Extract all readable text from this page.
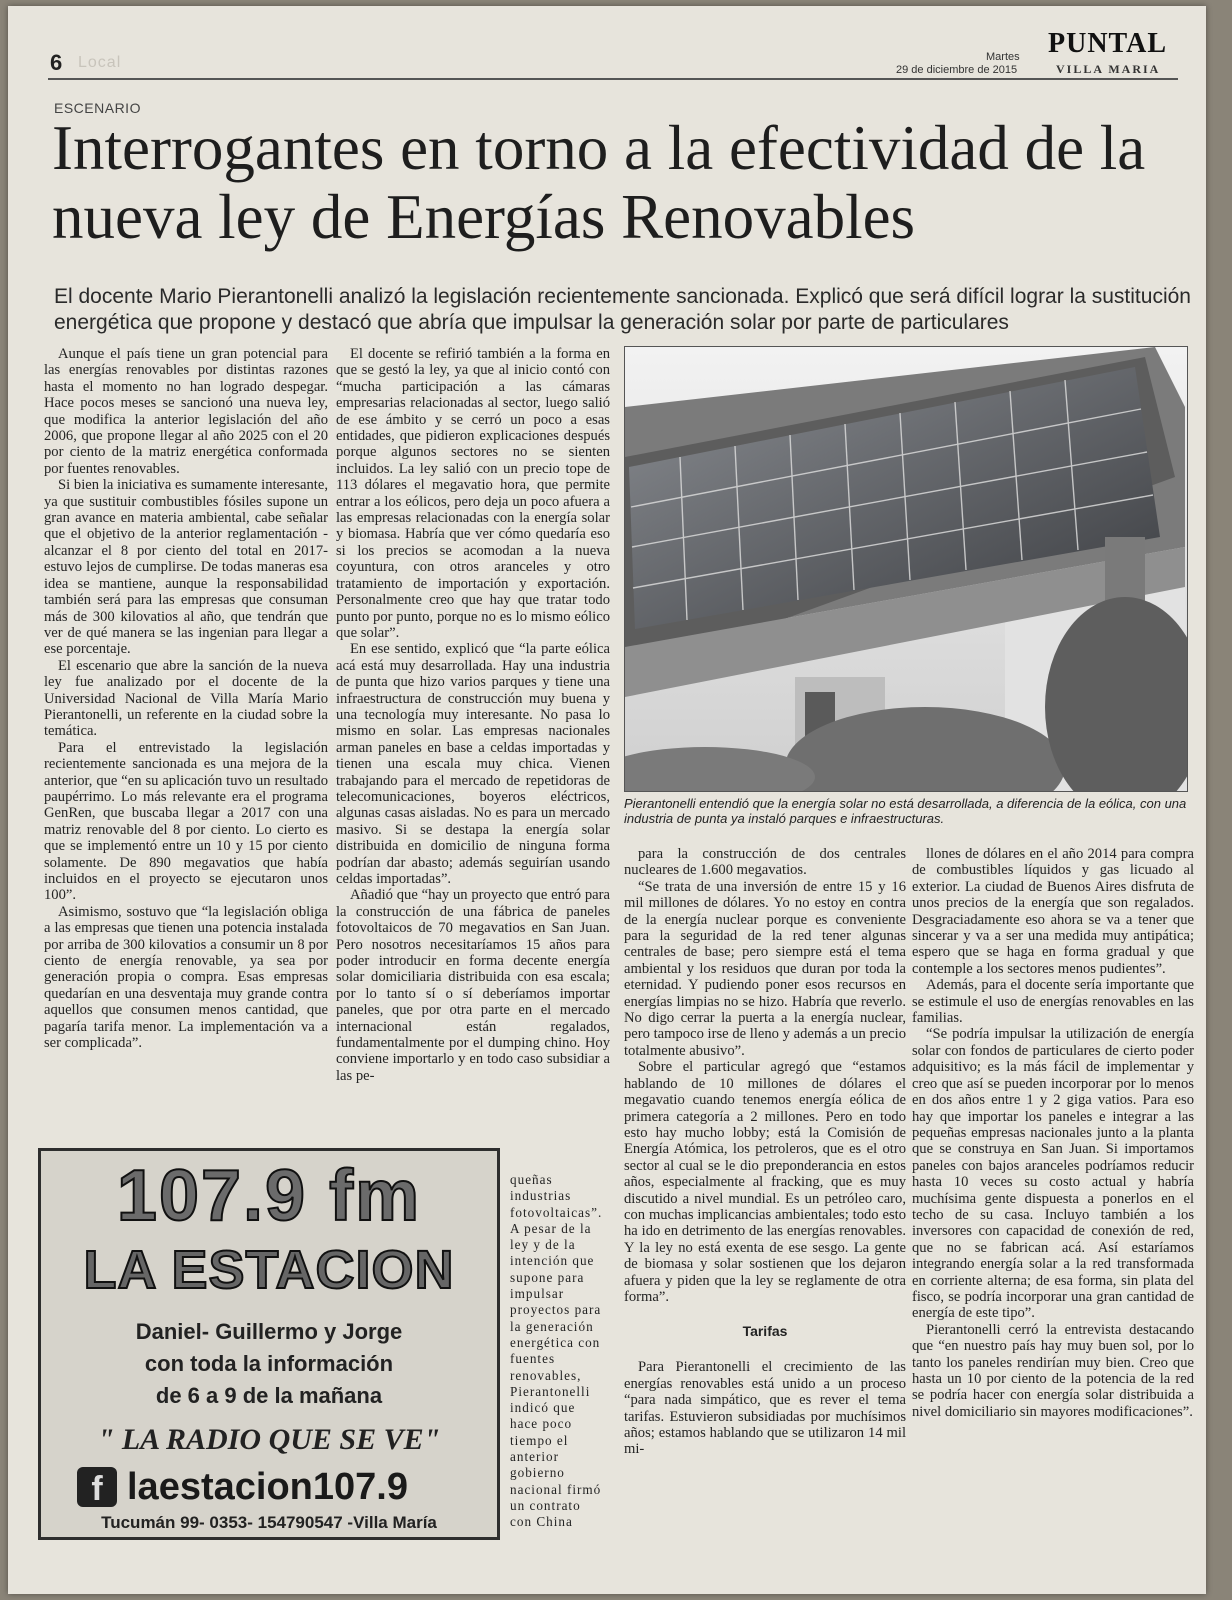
6 Local	Martes
29 de diciembre de 2015
PUNTAL
VILLA MARIA
ESCENARIO
Interrogantes en torno a la efectividad de la nueva ley de Energías Renovables

El docente Mario Pierantonelli analizó la legislación recientemente sancionada. Explicó que será difícil lograr la sustitución energética que propone y destacó que abría que impulsar la generación solar por parte de particulares

Aunque el país tiene un gran potencial para las energías renovables por distintas razones hasta el momento no han logrado despegar. Hace pocos meses se sancionó una nueva ley, que modifica la anterior legislación del año 2006, que propone llegar al año 2025 con el 20 por ciento de la matriz energética conformada por fuentes renovables.

Si bien la iniciativa es sumamente interesante, ya que sustituir combustibles fósiles supone un gran avance en materia ambiental, cabe señalar que el objetivo de la anterior reglamentación -alcanzar el 8 por ciento del total en 2017- estuvo lejos de cumplirse. De todas maneras esa idea se mantiene, aunque la responsabilidad también será para las empresas que consuman más de 300 kilovatios al año, que tendrán que ver de qué manera se las ingenian para llegar a ese porcentaje.

El escenario que abre la sanción de la nueva ley fue analizado por el docente de la Universidad Nacional de Villa María Mario Pierantonelli, un referente en la ciudad sobre la temática.

Para el entrevistado la legislación recientemente sancionada es una mejora de la anterior, que “en su aplicación tuvo un resultado paupérrimo. Lo más relevante era el programa GenRen, que buscaba llegar a 2017 con una matriz renovable del 8 por ciento. Lo cierto es que se implementó entre un 10 y 15 por ciento solamente. De 890 megavatios que había incluidos en el proyecto se ejecutaron unos 100”.

Asimismo, sostuvo que “la legislación obliga a las empresas que tienen una potencia instalada por arriba de 300 kilovatios a consumir un 8 por ciento de energía renovable, ya sea por generación propia o compra. Esas empresas quedarían en una desventaja muy grande contra aquellos que consumen menos cantidad, que pagaría tarifa menor. La implementación va a ser complicada”.

El docente se refirió también a la forma en que se gestó la ley, ya que al inicio contó con “mucha participación a las cámaras empresarias relacionadas al sector, luego salió de ese ámbito y se cerró un poco a esas entidades, que pidieron explicaciones después porque algunos sectores no se sienten incluidos. La ley salió con un precio tope de 113 dólares el megavatio hora, que permite entrar a los eólicos, pero deja un poco afuera a las empresas relacionadas con la energía solar y biomasa. Habría que ver cómo quedaría eso si los precios se acomodan a la nueva coyuntura, con otros aranceles y otro tratamiento de importación y exportación. Personalmente creo que hay que tratar todo punto por punto, porque no es lo mismo eólico que solar”.

En ese sentido, explicó que “la parte eólica acá está muy desarrollada. Hay una industria de punta que hizo varios parques y tiene una infraestructura de construcción muy buena y una tecnología muy interesante. No pasa lo mismo en solar. Las empresas nacionales arman paneles en base a celdas importadas y tienen una escala muy chica. Vienen trabajando para el mercado de repetidoras de telecomunicaciones, boyeros eléctricos, algunas casas aisladas. No es para un mercado masivo. Si se destapa la energía solar distribuida en domicilio de ninguna forma podrían dar abasto; además seguirían usando celdas importadas”.

Añadió que “hay un proyecto que entró para la construcción de una fábrica de paneles fotovoltaicos de 70 megavatios en San Juan. Pero nosotros necesitaríamos 15 años para poder introducir en forma decente energía solar domiciliaria distribuida con esa escala; por lo tanto sí o sí deberíamos importar paneles, que por otra parte en el mercado internacional están regalados, fundamentalmente por el dumping chino. Hoy conviene importarlo y en todo caso subsidiar a las pe-

queñas industrias fotovoltaicas”. A pesar de la ley y de la intención que supone para impulsar proyectos para la generación energética con fuentes renovables, Pierantonelli indicó que hace poco tiempo el anterior gobierno nacional firmó un contrato con China

Pierantonelli entendió que la energía solar no está desarrollada, a diferencia de la eólica, con una industria de punta ya instaló parques e infraestructuras.

para la construcción de dos centrales nucleares de 1.600 megavatios.

“Se trata de una inversión de entre 15 y 16 mil millones de dólares. Yo no estoy en contra de la energía nuclear porque es conveniente para la seguridad de la red tener algunas centrales de base; pero siempre está el tema ambiental y los residuos que duran por toda la eternidad. Y pudiendo poner esos recursos en energías limpias no se hizo. Habría que reverlo. No digo cerrar la puerta a la energía nuclear, pero tampoco irse de lleno y además a un precio totalmente abusivo”.

Sobre el particular agregó que “estamos hablando de 10 millones de dólares el megavatio cuando tenemos energía eólica de primera categoría a 2 millones. Pero en todo esto hay mucho lobby; está la Comisión de Energía Atómica, los petroleros, que es el otro sector al cual se le dio preponderancia en estos años, especialmente al fracking, que es muy discutido a nivel mundial. Es un petróleo caro, con muchas implicancias ambientales; todo esto ha ido en detrimento de las energías renovables. Y la ley no está exenta de ese sesgo. La gente de biomasa y solar sostienen que los dejaron afuera y piden que la ley se reglamente de otra forma”.

Tarifas

Para Pierantonelli el crecimiento de las energías renovables está unido a un proceso “para nada simpático, que es rever el tema tarifas. Estuvieron subsidiadas por muchísimos años; estamos hablando que se utilizaron 14 mil mi-

llones de dólares en el año 2014 para compra de combustibles líquidos y gas licuado al exterior. La ciudad de Buenos Aires disfruta de unos precios de la energía que son regalados. Desgraciadamente eso ahora se va a tener que sincerar y va a ser una medida muy antipática; espero que se haga en forma gradual y que contemple a los sectores menos pudientes”.

Además, para el docente sería importante que se estimule el uso de energías renovables en las familias.

“Se podría impulsar la utilización de energía solar con fondos de particulares de cierto poder adquisitivo; es la más fácil de implementar y creo que así se pueden incorporar por lo menos en dos años entre 1 y 2 giga vatios. Para eso hay que importar los paneles e integrar a las pequeñas empresas nacionales junto a la planta que se construya en San Juan. Si importamos paneles con bajos aranceles podríamos reducir hasta 10 veces su costo actual y habría muchísima gente dispuesta a ponerlos en el techo de su casa. Incluyo también a los inversores con capacidad de conexión de red, que no se fabrican acá. Así estaríamos integrando energía solar a la red transformada en corriente alterna; de esa forma, sin plata del fisco, se podría incorporar una gran cantidad de energía de este tipo”.

Pierantonelli cerró la entrevista destacando que “en nuestro país hay muy buen sol, por lo tanto los paneles rendirían muy bien. Creo que hasta un 10 por ciento de la potencia de la red se podría hacer con energía solar distribuida a nivel domiciliario sin mayores modificaciones”.

107.9 fm
LA ESTACION
Daniel- Guillermo y Jorge
con toda la información
de 6 a 9 de la mañana
" LA RADIO QUE SE VE"
f laestacion107.9
Tucumán 99- 0353- 154790547 -Villa María
